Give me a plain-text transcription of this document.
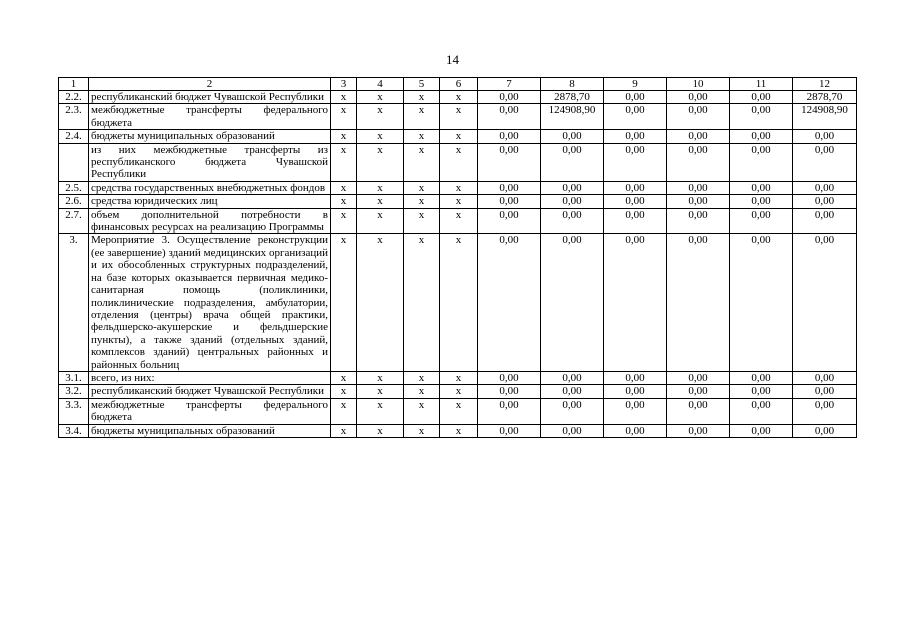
14
1	2	3	4	5	6	7	8	9	10	11	12
2.2.	республиканский бюджет Чувашской Республики	x	x	x	x	0,00	2878,70	0,00	0,00	0,00	2878,70
2.3.	межбюджетные трансферты федерального бюджета	x	x	x	x	0,00	124908,90	0,00	0,00	0,00	124908,90
2.4.	бюджеты муниципальных образований	x	x	x	x	0,00	0,00	0,00	0,00	0,00	0,00
	из них межбюджетные трансферты из республиканского бюджета Чувашской Республики	x	x	x	x	0,00	0,00	0,00	0,00	0,00	0,00
2.5.	средства государственных внебюджетных фондов	x	x	x	x	0,00	0,00	0,00	0,00	0,00	0,00
2.6.	средства юридических лиц	x	x	x	x	0,00	0,00	0,00	0,00	0,00	0,00
2.7.	объем дополнительной потребности в финансовых ресурсах на реализацию Программы	x	x	x	x	0,00	0,00	0,00	0,00	0,00	0,00
3.	Мероприятие 3. Осуществление реконструкции (ее завершение) зданий медицинских организаций и их обособленных структурных подразделений, на базе которых оказывается первичная медико-санитарная помощь (поликлиники, поликлинические подразделения, амбулатории, отделения (центры) врача общей практики, фельдшерско-акушерские и фельдшерские пункты), а также зданий (отдельных зданий, комплексов зданий) центральных районных и районных больниц	x	x	x	x	0,00	0,00	0,00	0,00	0,00	0,00
3.1.	всего, из них:	x	x	x	x	0,00	0,00	0,00	0,00	0,00	0,00
3.2.	республиканский бюджет Чувашской Республики	x	x	x	x	0,00	0,00	0,00	0,00	0,00	0,00
3.3.	межбюджетные трансферты федерального бюджета	x	x	x	x	0,00	0,00	0,00	0,00	0,00	0,00
3.4.	бюджеты муниципальных образований	x	x	x	x	0,00	0,00	0,00	0,00	0,00	0,00
